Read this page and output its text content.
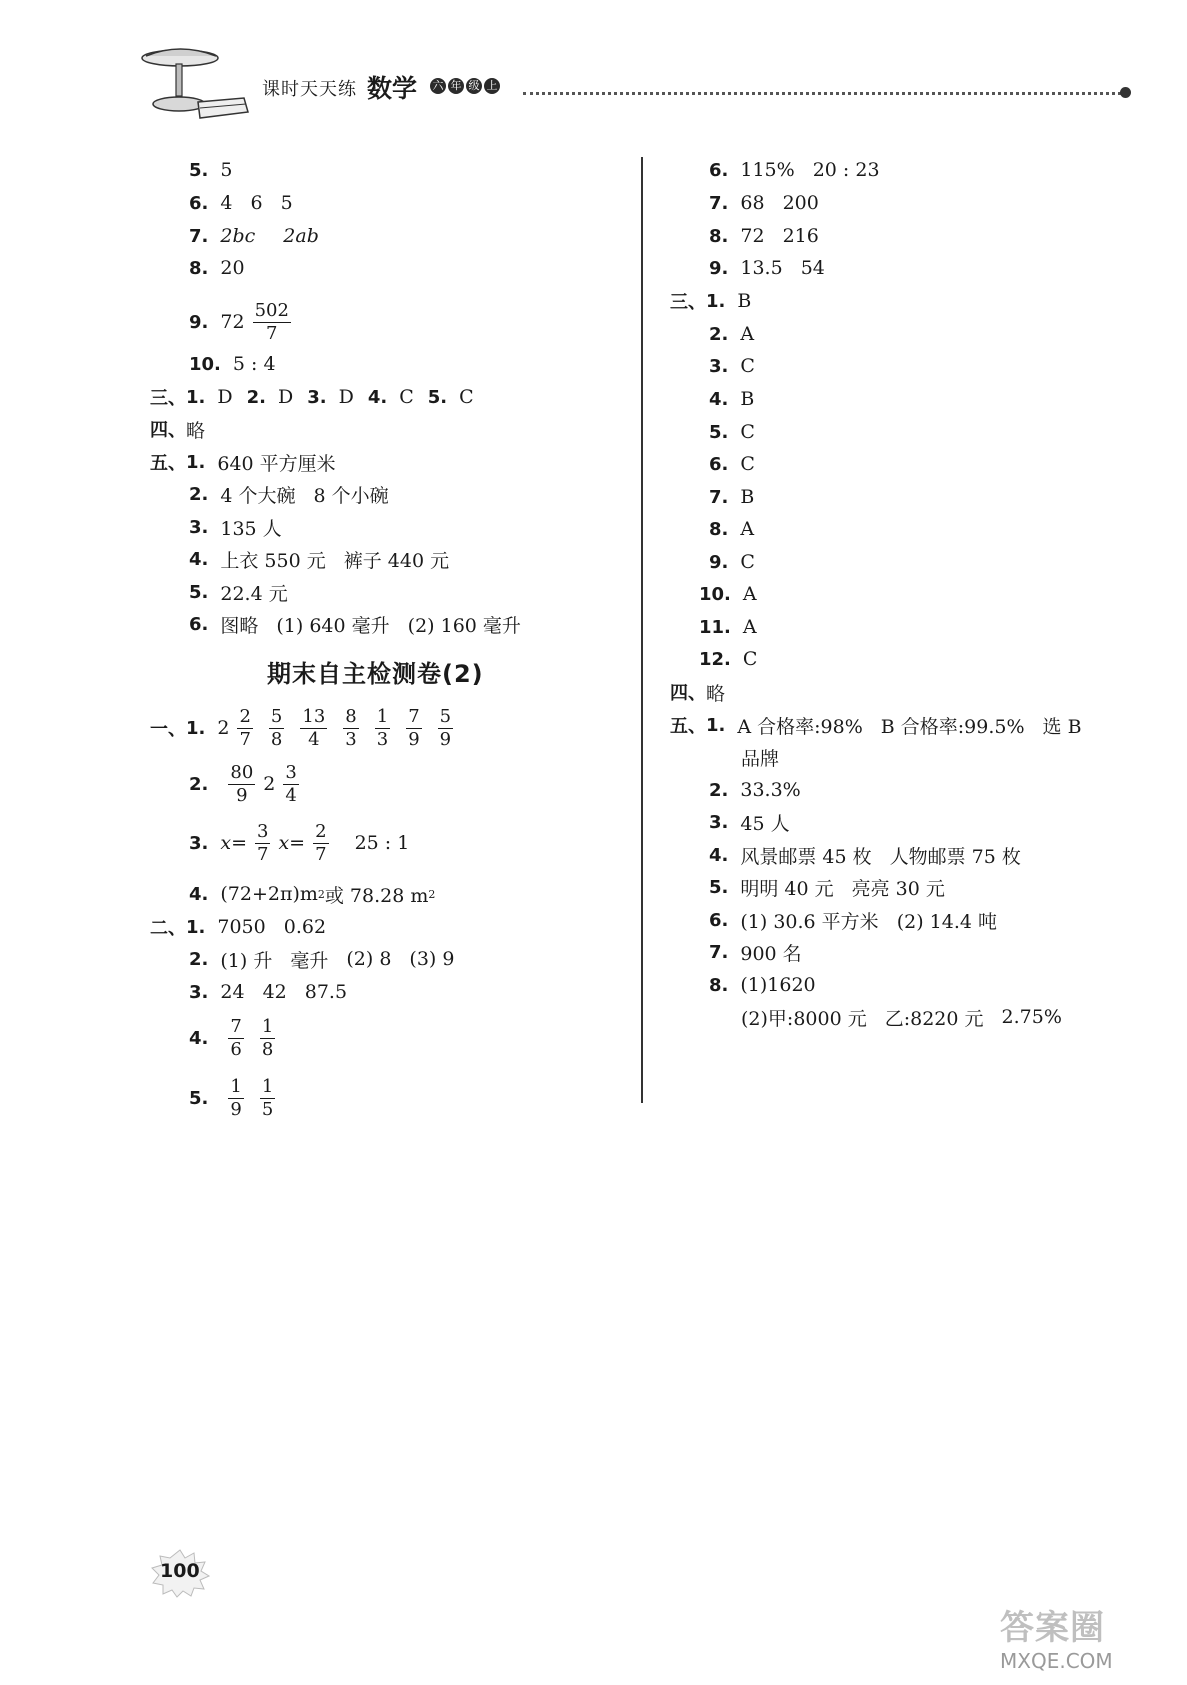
课时天天练 数学 六 年 级 上
5. 5
6. 4 6 5
7. 2bc 2ab
8. 20
9. $72 \frac{502}{7}$
10. 5 : 4
三、 1. D 2. D 3. D 4. C 5. C
四、 略
五、 1. 640 平方厘米
2. 4 个大碗 8 个小碗
3. 135 人
4. 上衣 550 元 裤子 440 元
5. 22.4 元
6. 图略 (1) 640 毫升 (2) 160 毫升
期末自主检测卷(2)
一、 1. $2 \frac{2}{7} \frac{5}{8} \frac{13}{4} \frac{8}{3} \frac{1}{3} \frac{7}{9} \frac{5}{9}$
2. $\frac{80}{9} 2 \frac{3}{4}$
3. $x= \frac{3}{7} x= \frac{2}{7} 25$ : 1
4. (72+2π)m 2 或 78.28 m 2
二、 1. 7050 0.62
2. (1) 升 毫升 (2) 8 (3) 9
3. 24 42 87.5
4. $\frac{7}{6} \frac{1}{8}$
5. $\frac{1}{9} \frac{1}{5}$
6. 115% 20 : 23
7. 68 200
8. 72 216
9. 13.5 54
三、 1. B
2. A
3. C
4. B
5. C
6. C
7. B
8. A
9. C
10. A
11. A
12. C
四、 略
五、 1. A 合格率:98% B 合格率:99.5% 选 B
品牌
2. 33.3%
3. 45 人
4. 风景邮票 45 枚 人物邮票 75 枚
5. 明明 40 元 亮亮 30 元
6. (1) 30.6 平方米 (2) 14.4 吨
7. 900 名
8. (1)1620
(2)甲:8000 元 乙:8220 元 2.75%
100
答案圈
MXQE.COM
